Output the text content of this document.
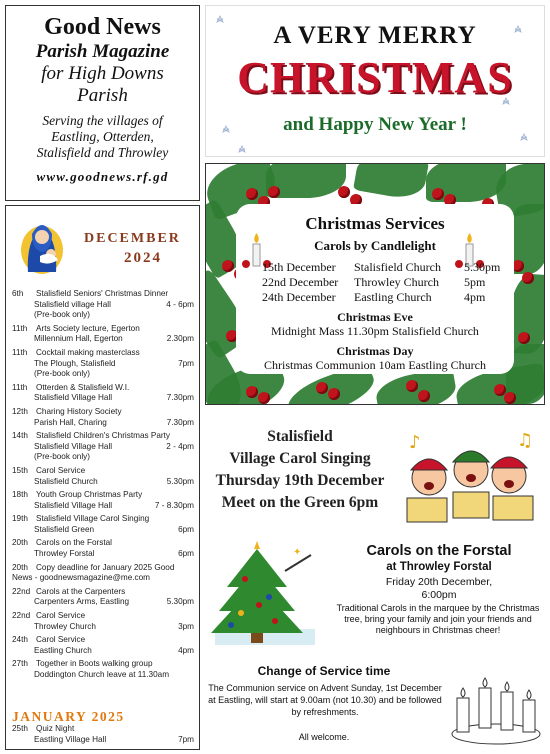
Good News
Parish Magazine
for High Downs
Parish
Serving the villages of
Eastling, Otterden,
Stalisfield and Throwley
www.goodnews.rf.gd
DECEMBER
2024
6th	Stalisfield Seniors' Christmas Dinner
Stalisfield village Hall	4 - 6pm
(Pre-book only)
11th	Arts Society lecture, Egerton
Millennium Hall, Egerton	2.30pm
11th	Cocktail making masterclass
The Plough, Stalisfield	7pm
(Pre-book only)
11th	Otterden & Stalisfield W.I.
Stalisfield Village Hall	7.30pm
12th Charing History Society
Parish Hall, Charing	7.30pm
14th Stalisfield Children's Christmas Party
Stalisfield Village Hall	2 - 4pm
(Pre-book only)
15th Carol Service
Stalisfield Church	5.30pm
18th Youth Group Christmas Party
Stalisfield Village Hall	7 - 8.30pm
19th Stalisfield Village Carol Singing
Stalisfield Green	6pm
20th Carols on the Forstal
Throwley Forstal	6pm
20th Copy deadline for January 2025 Good
News - goodnewsmagazine@me.com
22nd Carols at the Carpenters
Carpenters Arms, Eastling	5.30pm
22nd Carol Service
Throwley Church	3pm
24th Carol Service
Eastling Church	4pm
27th Together in Boots walking group
Doddington Church leave at 11.30am
JANUARY 2025
25th Quiz Night
Eastling Village Hall	7pm
A VERY MERRY
CHRISTMAS
and Happy New Year !
Christmas Services
Carols by Candlelight
15th December	Stalisfield Church	5.30pm
22nd December	Throwley Church	5pm
24th December	Eastling Church	4pm
Christmas Eve
Midnight Mass 11.30pm Stalisfield Church
Christmas Day
Christmas Communion 10am Eastling Church
Stalisfield
Village Carol Singing
Thursday 19th December
Meet on the Green 6pm
♪	♫
✦	Carols on the Forstal
at Throwley Forstal
Friday 20th December,
6:00pm
Traditional Carols in the marquee by the Christmas tree, bring your family and join your friends and neighbours in Christmas cheer!
Change of Service time
The Communion service on Advent Sunday, 1st December at Eastling, will start at 9.00am (not 10.30) and be followed by refreshments.
All welcome.
